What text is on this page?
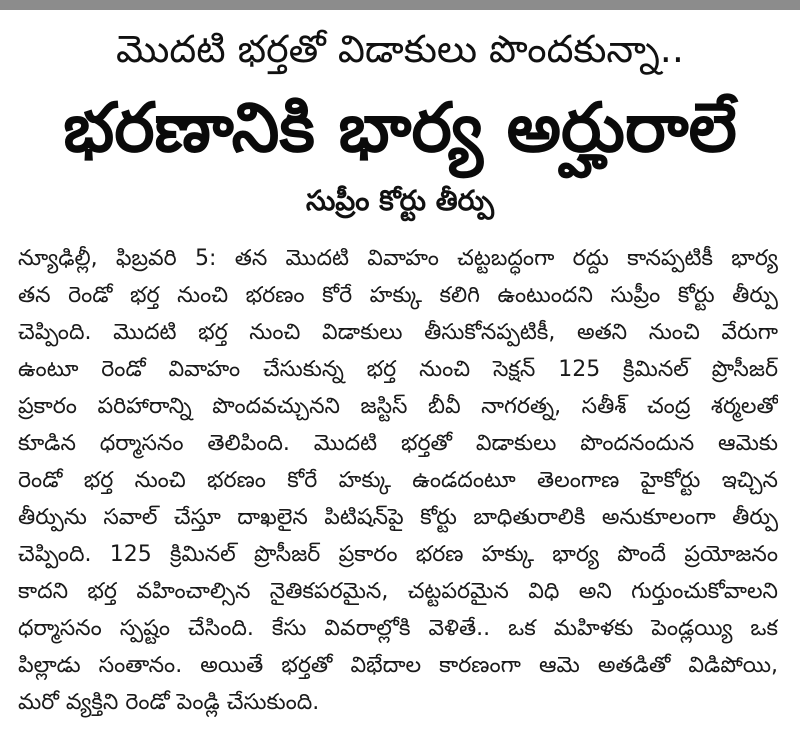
మొదటి భర్తతో విడాకులు పొందకున్నా..
భరణానికి భార్య అర్హురాలే
సుప్రీం కోర్టు తీర్పు
న్యూఢిల్లీ, ఫిబ్రవరి 5: తన మొదటి వివాహం చట్టబద్ధంగా రద్దు కానప్పటికీ భార్య
తన రెండో భర్త నుంచి భరణం కోరే హక్కు కలిగి ఉంటుందని సుప్రీం కోర్టు తీర్పు
చెప్పింది. మొదటి భర్త నుంచి విడాకులు తీసుకోనప్పటికీ, అతని నుంచి వేరుగా
ఉంటూ రెండో వివాహం చేసుకున్న భర్త నుంచి సెక్షన్ 125 క్రిమినల్ ప్రొసీజర్
ప్రకారం పరిహారాన్ని పొందవచ్చునని జస్టిస్ బీవీ నాగరత్న, సతీశ్ చంద్ర శర్మలతో
కూడిన ధర్మాసనం తెలిపింది. మొదటి భర్తతో విడాకులు పొందనందున ఆమెకు
రెండో భర్త నుంచి భరణం కోరే హక్కు ఉండదంటూ తెలంగాణ హైకోర్టు ఇచ్చిన
తీర్పును సవాల్ చేస్తూ దాఖలైన పిటిషన్‌పై కోర్టు బాధితురాలికి అనుకూలంగా తీర్పు
చెప్పింది. 125 క్రిమినల్ ప్రొసీజర్ ప్రకారం భరణ హక్కు భార్య పొందే ప్రయోజనం
కాదని భర్త వహించాల్సిన నైతికపరమైన, చట్టపరమైన విధి అని గుర్తుంచుకోవాలని
ధర్మాసనం స్పష్టం చేసింది. కేసు వివరాల్లోకి వెళితే.. ఒక మహిళకు పెండ్లయ్యి ఒక
పిల్లాడు సంతానం. అయితే భర్తతో విభేదాల కారణంగా ఆమె అతడితో విడిపోయి,
మరో వ్యక్తిని రెండో పెండ్లి చేసుకుంది.
